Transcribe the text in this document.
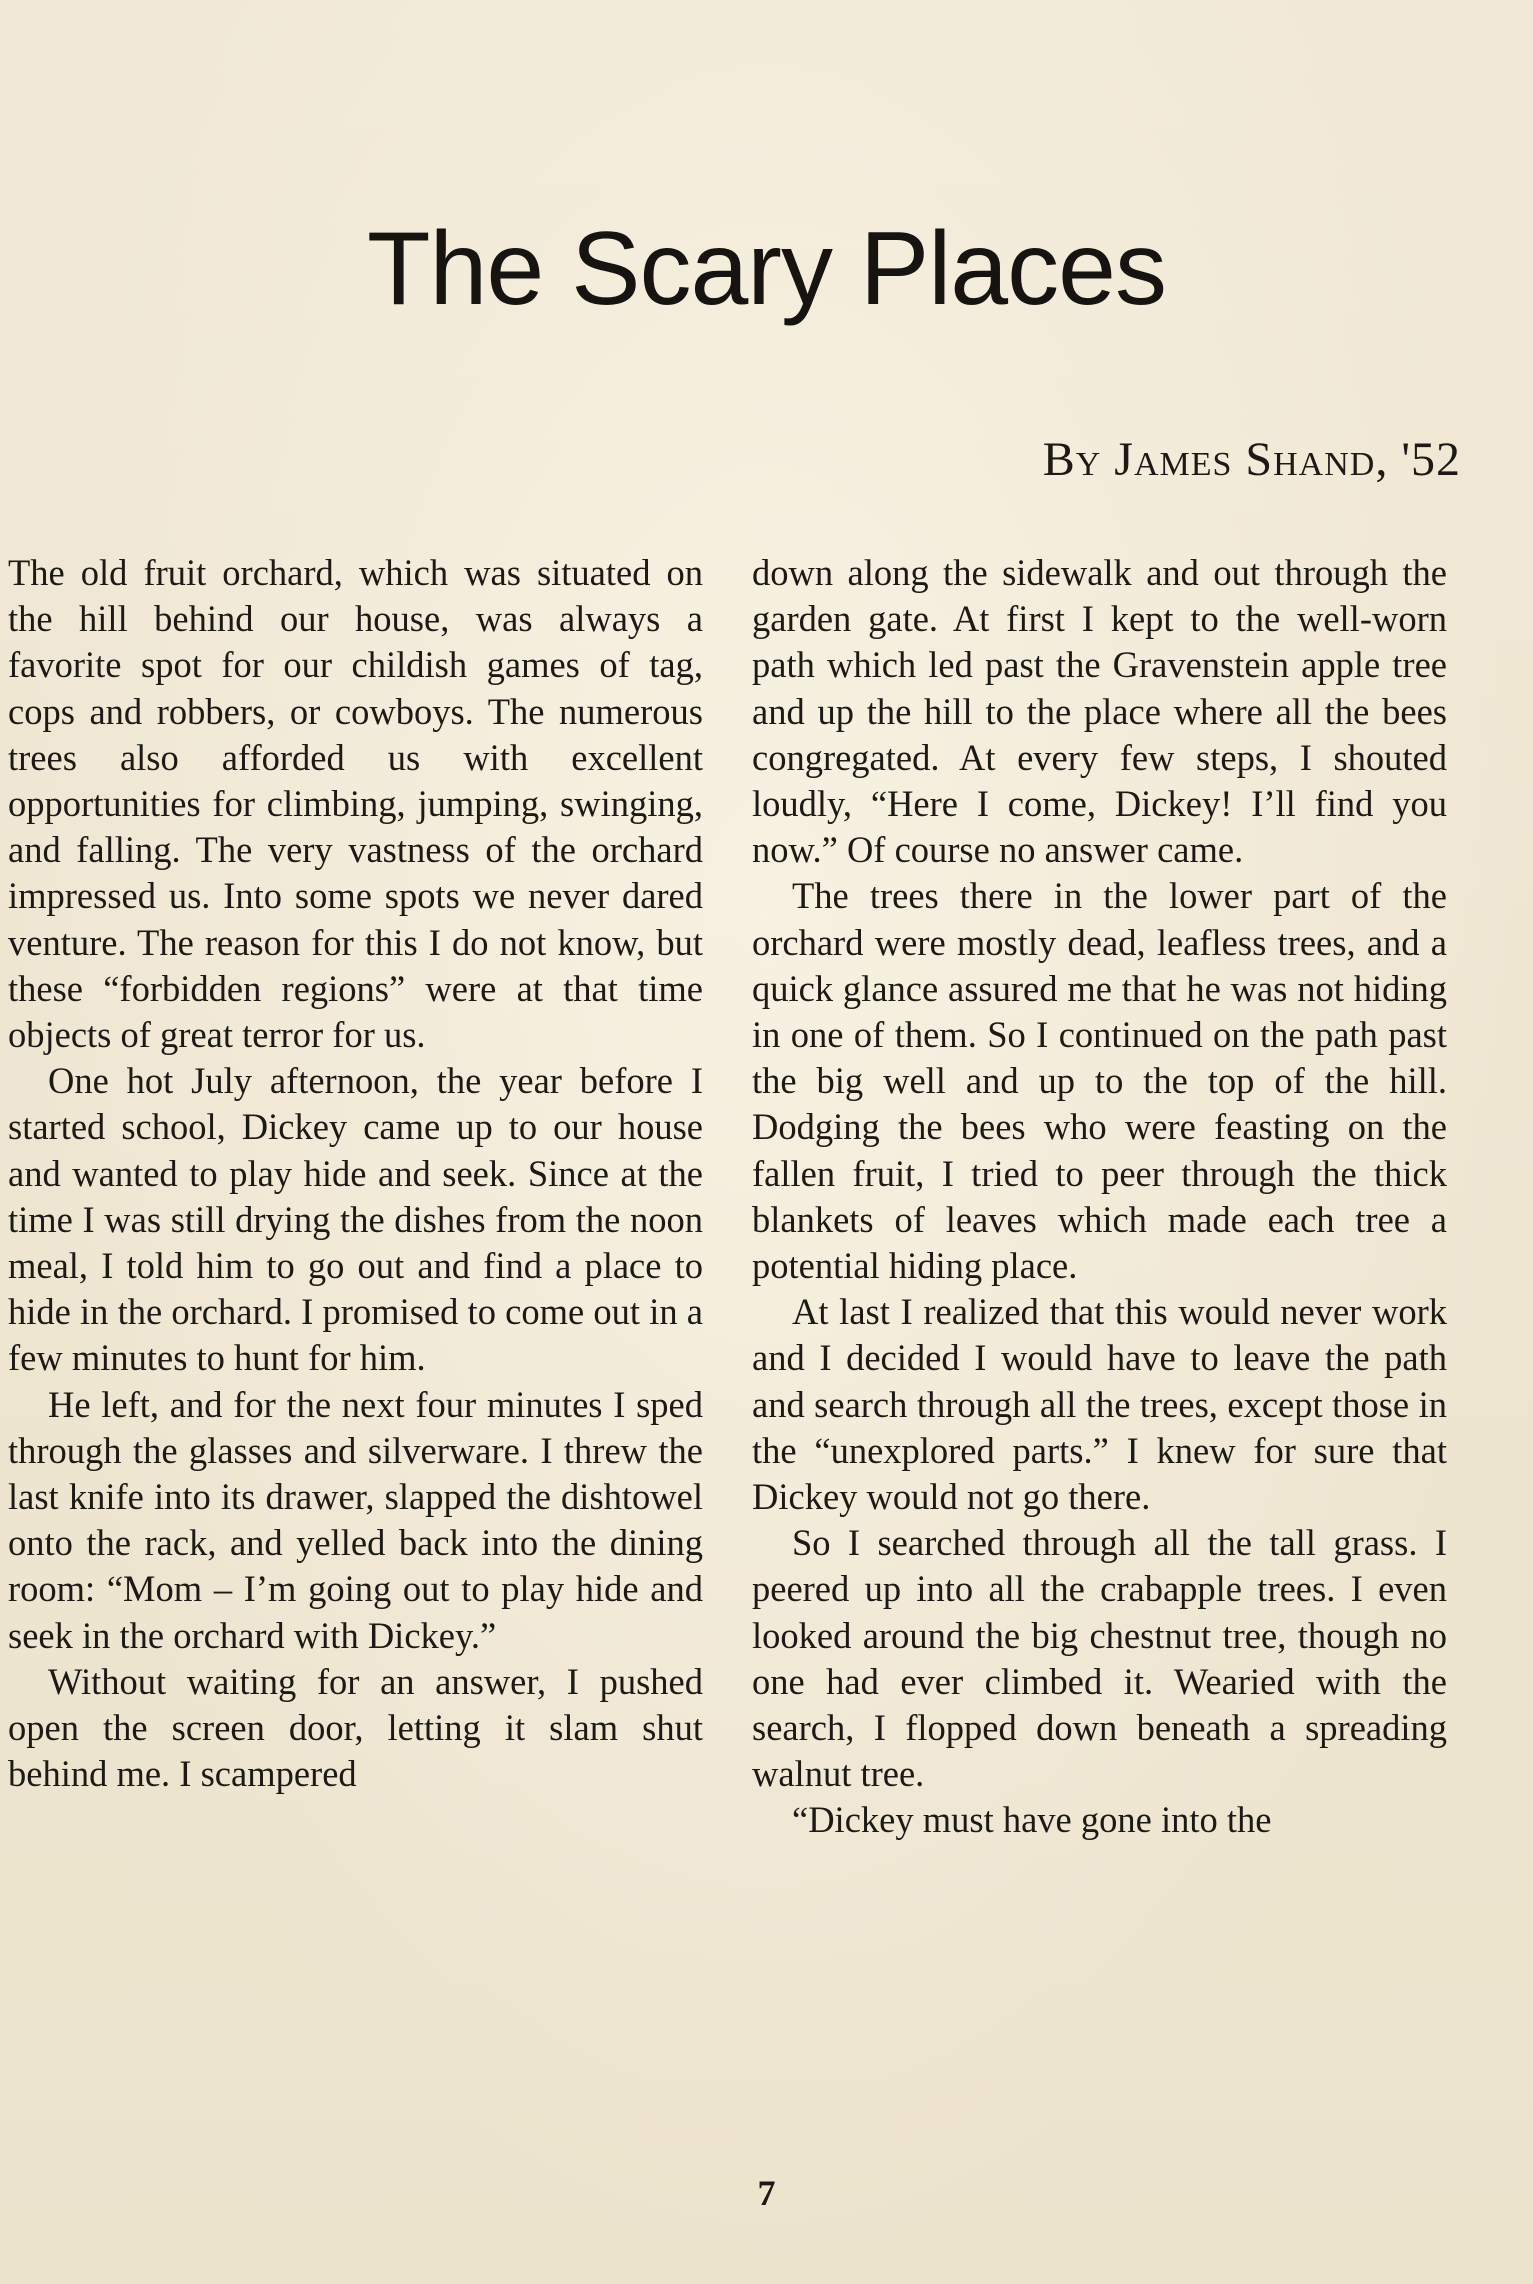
The Scary Places
By James Shand, '52

The old fruit orchard, which was situated on the hill behind our house, was always a favorite spot for our childish games of tag, cops and robbers, or cowboys. The numerous trees also afforded us with excellent opportunities for climbing, jumping, swinging, and falling. The very vastness of the orchard impressed us. Into some spots we never dared venture. The reason for this I do not know, but these “forbidden regions” were at that time objects of great terror for us.

One hot July afternoon, the year before I started school, Dickey came up to our house and wanted to play hide and seek. Since at the time I was still drying the dishes from the noon meal, I told him to go out and find a place to hide in the orchard. I promised to come out in a few minutes to hunt for him.

He left, and for the next four minutes I sped through the glasses and silverware. I threw the last knife into its drawer, slapped the dishtowel onto the rack, and yelled back into the dining room: “Mom – I’m going out to play hide and seek in the orchard with Dickey.”

Without waiting for an answer, I pushed open the screen door, letting it slam shut behind me. I scampered

down along the sidewalk and out through the garden gate. At first I kept to the well-worn path which led past the Gravenstein apple tree and up the hill to the place where all the bees congregated. At every few steps, I shouted loudly, “Here I come, Dickey! I’ll find you now.” Of course no answer came.

The trees there in the lower part of the orchard were mostly dead, leafless trees, and a quick glance assured me that he was not hiding in one of them. So I continued on the path past the big well and up to the top of the hill. Dodging the bees who were feasting on the fallen fruit, I tried to peer through the thick blankets of leaves which made each tree a potential hiding place.

At last I realized that this would never work and I decided I would have to leave the path and search through all the trees, except those in the “unexplored parts.” I knew for sure that Dickey would not go there.

So I searched through all the tall grass. I peered up into all the crabapple trees. I even looked around the big chestnut tree, though no one had ever climbed it. Wearied with the search, I flopped down beneath a spreading walnut tree.

“Dickey must have gone into the

7
